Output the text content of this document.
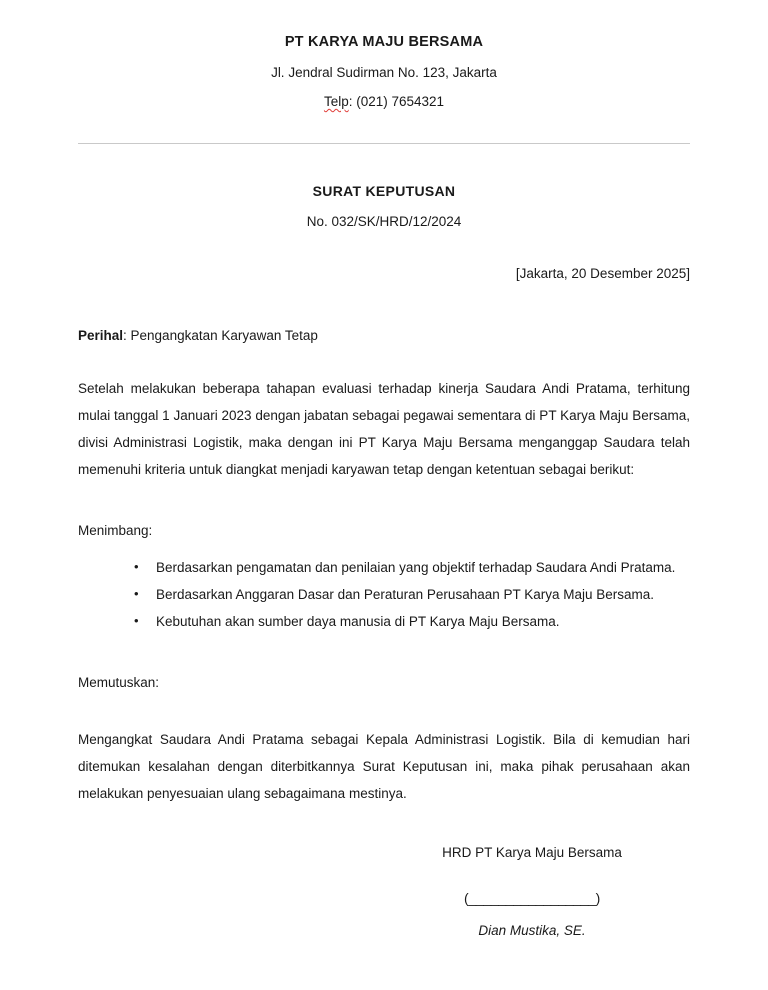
PT KARYA MAJU BERSAMA

Jl. Jendral Sudirman No. 123, Jakarta

Telp: (021) 7654321

SURAT KEPUTUSAN

No. 032/SK/HRD/12/2024

[Jakarta, 20 Desember 2025]

Perihal: Pengangkatan Karyawan Tetap

Setelah melakukan beberapa tahapan evaluasi terhadap kinerja Saudara Andi Pratama, terhitung mulai tanggal 1 Januari 2023 dengan jabatan sebagai pegawai sementara di PT Karya Maju Bersama, divisi Administrasi Logistik, maka dengan ini PT Karya Maju Bersama menganggap Saudara telah memenuhi kriteria untuk diangkat menjadi karyawan tetap dengan ketentuan sebagai berikut:

Menimbang:

• Berdasarkan pengamatan dan penilaian yang objektif terhadap Saudara Andi Pratama.
• Berdasarkan Anggaran Dasar dan Peraturan Perusahaan PT Karya Maju Bersama.
• Kebutuhan akan sumber daya manusia di PT Karya Maju Bersama.

Memutuskan:

Mengangkat Saudara Andi Pratama sebagai Kepala Administrasi Logistik. Bila di kemudian hari ditemukan kesalahan dengan diterbitkannya Surat Keputusan ini, maka pihak perusahaan akan melakukan penyesuaian ulang sebagaimana mestinya.

HRD PT Karya Maju Bersama

(_________________)

Dian Mustika, SE.
